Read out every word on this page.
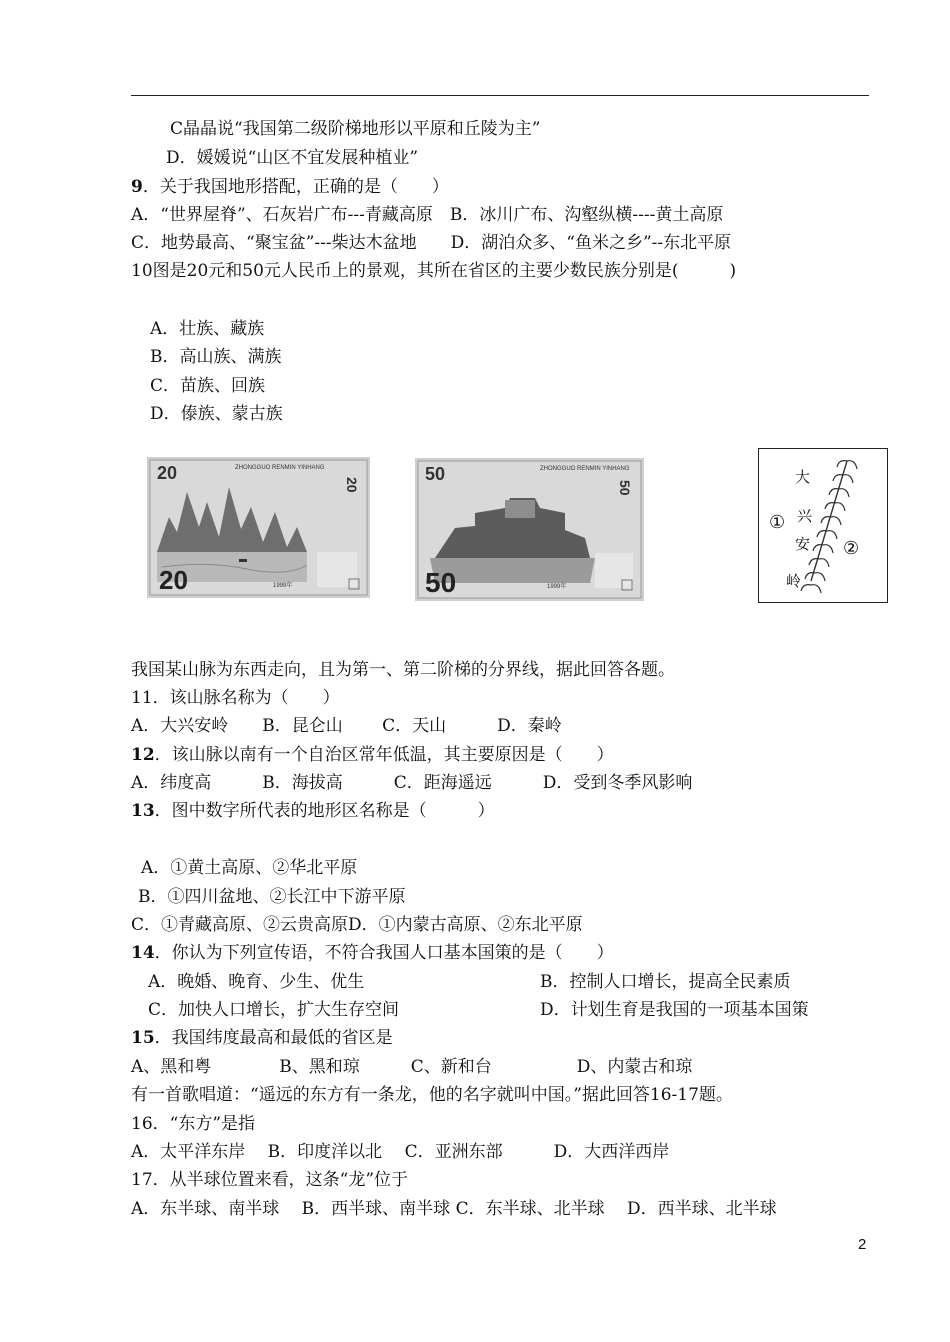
C晶晶说“我国第二级阶梯地形以平原和丘陵为主”
D．媛媛说“山区不宜发展种植业”
9．关于我国地形搭配，正确的是（　　）
A．“世界屋脊”、石灰岩广布---青藏高原　B．冰川广布、沟壑纵横----黄土高原
C．地势最高、“聚宝盆”---柴达木盆地　　D．湖泊众多、“鱼米之乡”--东北平原
10图是20元和50元人民币上的景观，其所在省区的主要少数民族分别是(　　　)
A．壮族、藏族
B．高山族、满族
C．苗族、回族
D．傣族、蒙古族
20	ZHONGGUO RENMIN YINHANG
20	1999年
20
50	ZHONGGUO RENMIN YINHANG
50	1999年
50
大
兴
安
岭
①
②
我国某山脉为东西走向，且为第一、第二阶梯的分界线，据此回答各题。
11．该山脉名称为（　　）
A．大兴安岭　　B．昆仑山　　 C．天山　　　D．秦岭
12．该山脉以南有一个自治区常年低温，其主要原因是（　　）
A．纬度高　　　B．海拔高　　　C．距海遥远　　　D．受到冬季风影响
13．图中数字所代表的地形区名称是（　　　）
A．①黄土高原、②华北平原
B．①四川盆地、②长江中下游平原
C．①青藏高原、②云贵高原D．①内蒙古高原、②东北平原
14．你认为下列宣传语，不符合我国人口基本国策的是（　　）
A．晚婚、晚育、少生、优生	B．控制人口增长，提高全民素质
C．加快人口增长，扩大生存空间	D．计划生育是我国的一项基本国策
15．我国纬度最高和最低的省区是
A、黑和粤　　　　B、黑和琼　　　C、新和台　　　　　D、内蒙古和琼
有一首歌唱道：“遥远的东方有一条龙，他的名字就叫中国。”据此回答16-17题。
16．“东方”是指
A．太平洋东岸　 B．印度洋以北　 C．亚洲东部　　　D．大西洋西岸
17．从半球位置来看，这条“龙”位于
A．东半球、南半球　 B．西半球、南半球 C．东半球、北半球　 D．西半球、北半球
2
